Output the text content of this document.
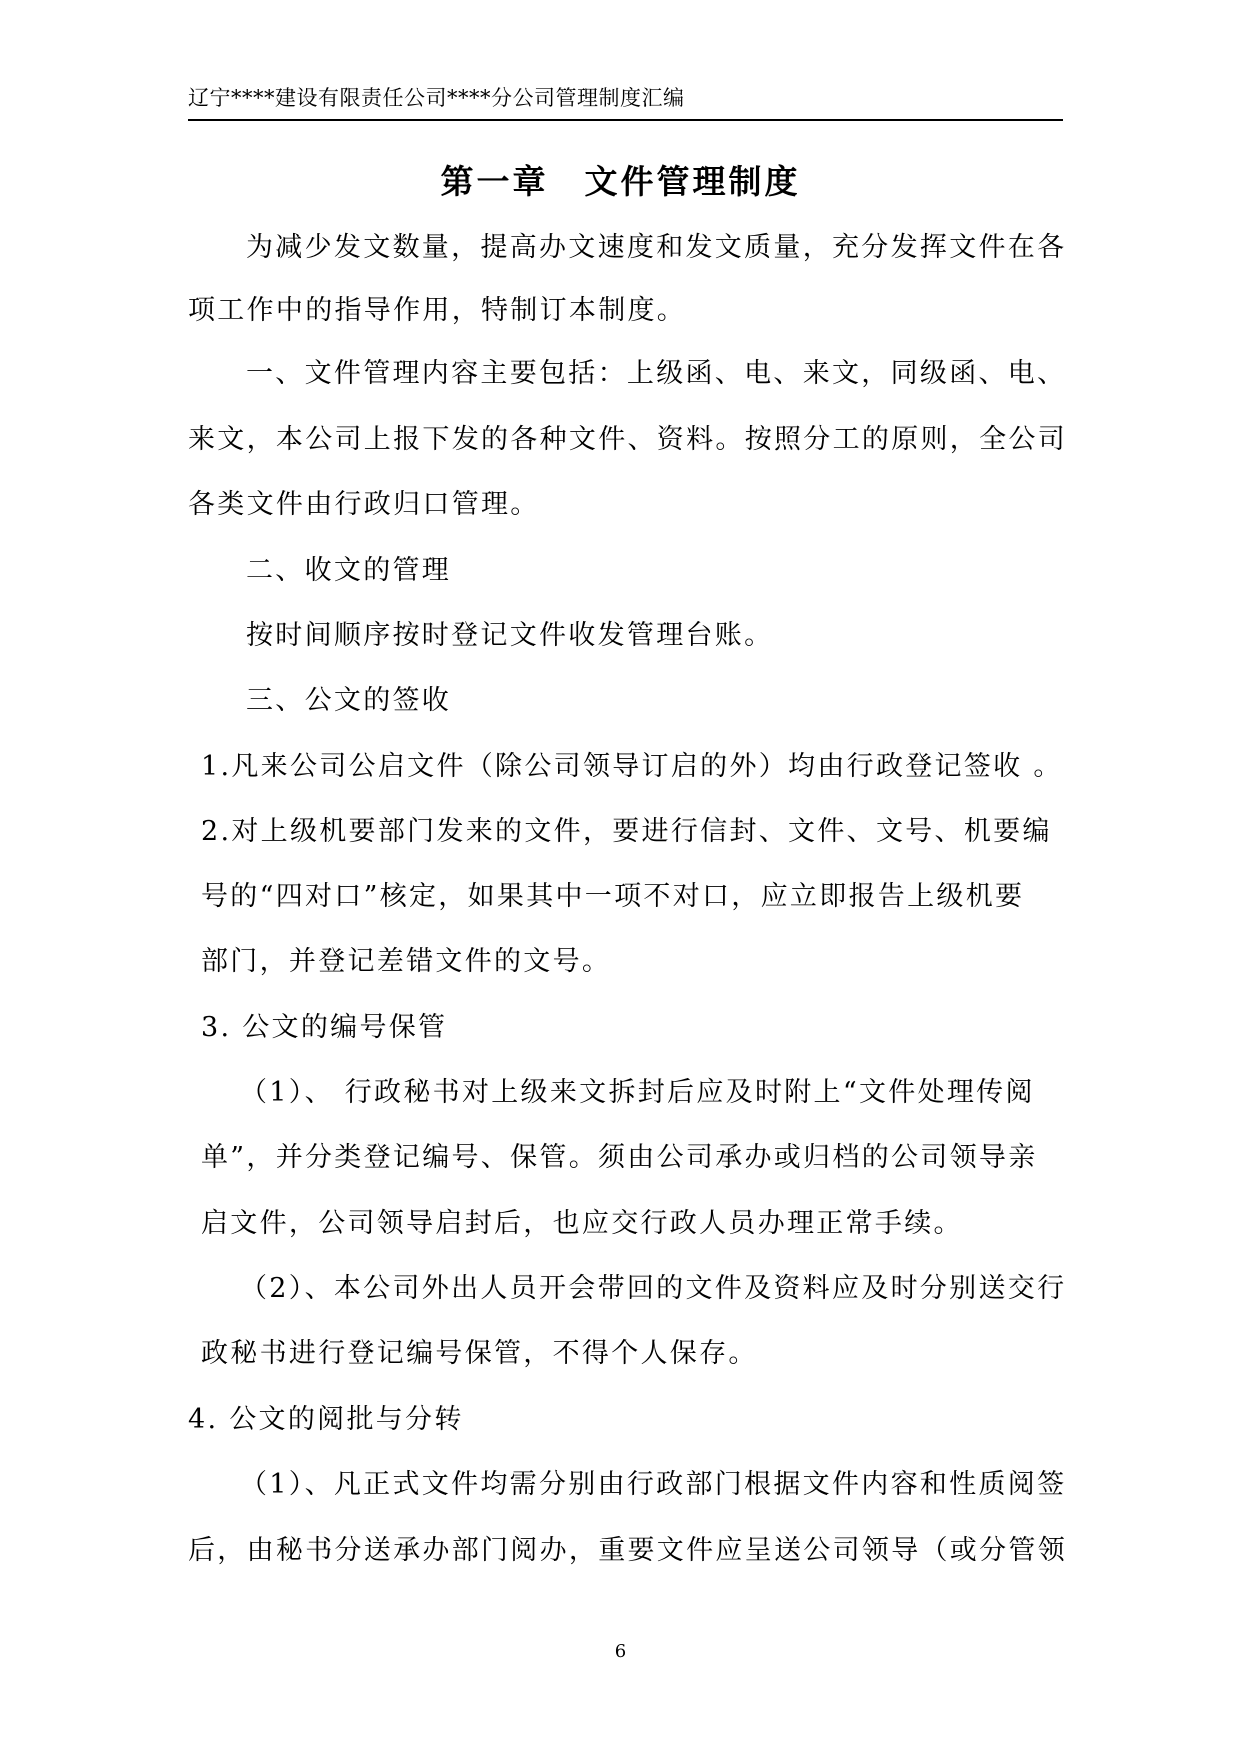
辽宁****建设有限责任公司****分公司管理制度汇编
第一章　文件管理制度
为减少发文数量，提高办文速度和发文质量，充分发挥文件在各
项工作中的指导作用，特制订本制度。
一、文件管理内容主要包括：上级函、电、来文，同级函、电、
来文，本公司上报下发的各种文件、资料。按照分工的原则，全公司
各类文件由行政归口管理。
二、收文的管理
按时间顺序按时登记文件收发管理台账。
三、公文的签收
1.凡来公司公启文件（除公司领导订启的外）均由行政登记签收 。
2.对上级机要部门发来的文件，要进行信封、文件、文号、机要编
号的“四对口”核定，如果其中一项不对口，应立即报告上级机要
部门，并登记差错文件的文号。
3. 公文的编号保管
（1）、 行政秘书对上级来文拆封后应及时附上“文件处理传阅
单”，并分类登记编号、保管。须由公司承办或归档的公司领导亲
启文件，公司领导启封后，也应交行政人员办理正常手续。
（2）、本公司外出人员开会带回的文件及资料应及时分别送交行
政秘书进行登记编号保管，不得个人保存。
4. 公文的阅批与分转
（1）、凡正式文件均需分别由行政部门根据文件内容和性质阅签
后，由秘书分送承办部门阅办，重要文件应呈送公司领导（或分管领
6
